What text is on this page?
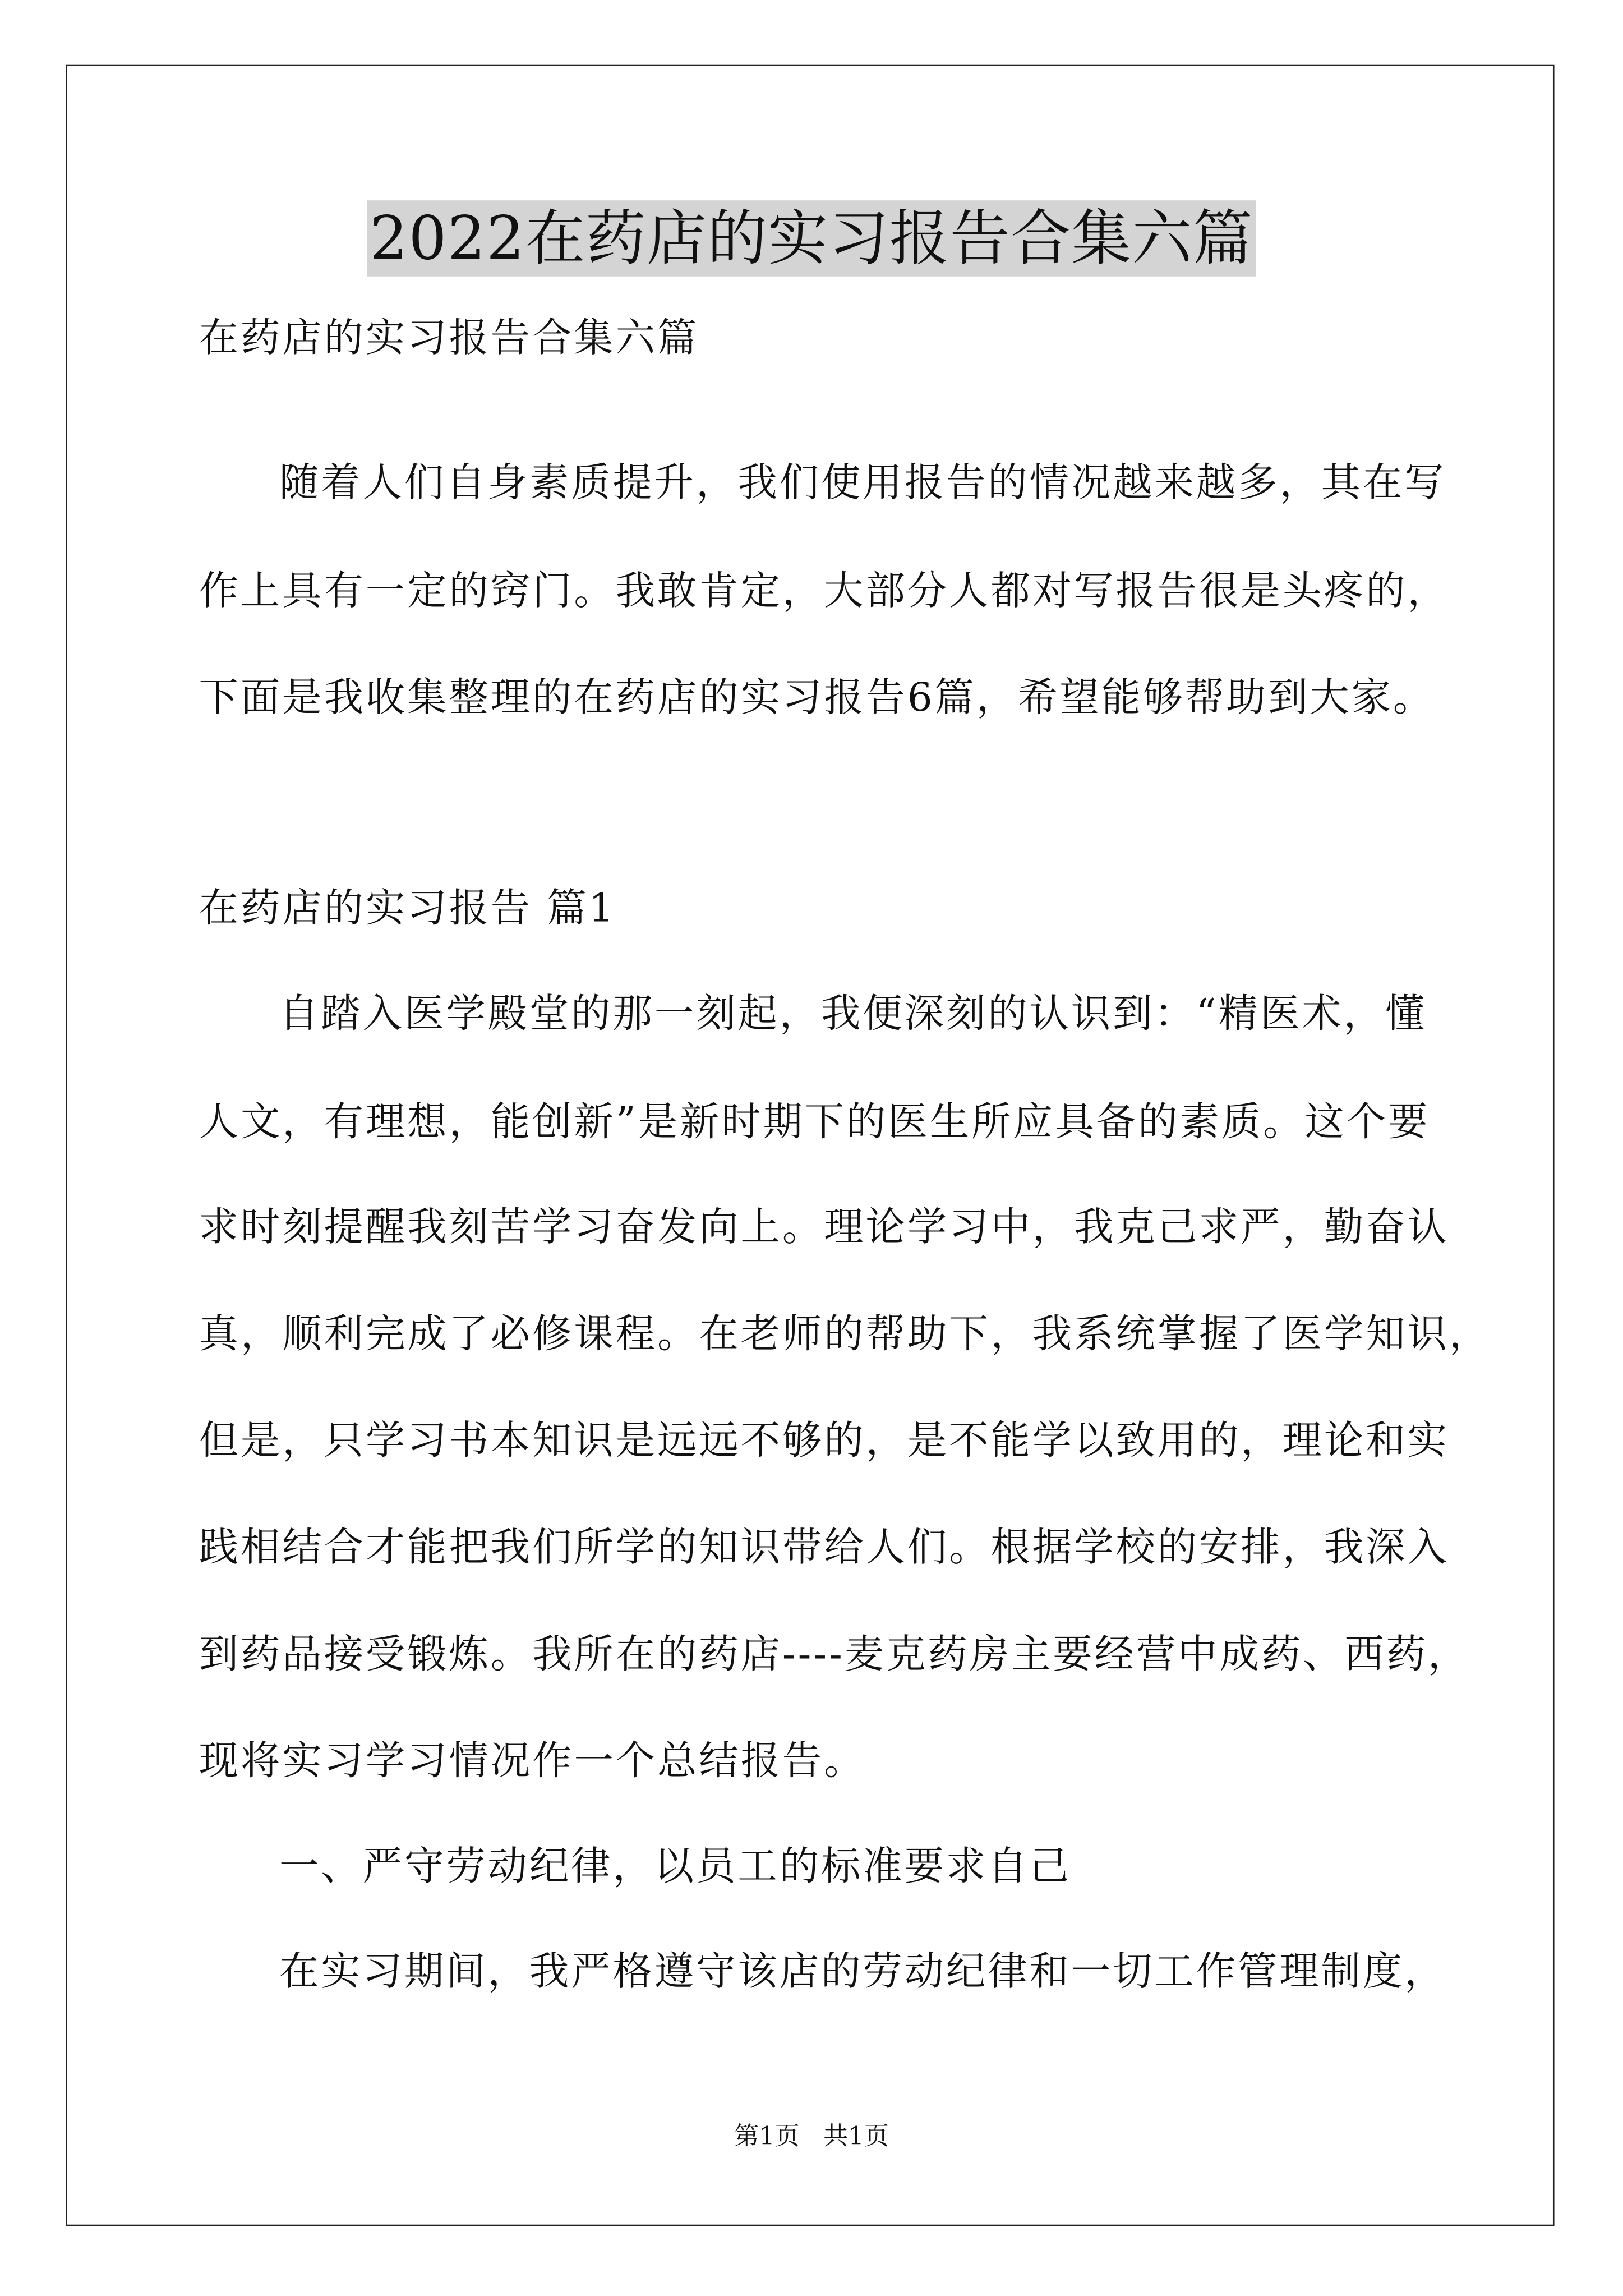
2022在药店的实习报告合集六篇
在药店的实习报告合集六篇
随着人们自身素质提升，我们使用报告的情况越来越多，其在写
作上具有一定的窍门。我敢肯定，大部分人都对写报告很是头疼的，
下面是我收集整理的在药店的实习报告6篇，希望能够帮助到大家。
在药店的实习报告 篇1
自踏入医学殿堂的那一刻起，我便深刻的认识到：“精医术，懂
人文，有理想，能创新”是新时期下的医生所应具备的素质。这个要
求时刻提醒我刻苦学习奋发向上。理论学习中，我克己求严，勤奋认
真，顺利完成了必修课程。在老师的帮助下，我系统掌握了医学知识，
但是，只学习书本知识是远远不够的，是不能学以致用的，理论和实
践相结合才能把我们所学的知识带给人们。根据学校的安排，我深入
到药品接受锻炼。我所在的药店----麦克药房主要经营中成药、西药，
现将实习学习情况作一个总结报告。
一、严守劳动纪律，以员工的标准要求自己
在实习期间，我严格遵守该店的劳动纪律和一切工作管理制度，
第1页   共1页
